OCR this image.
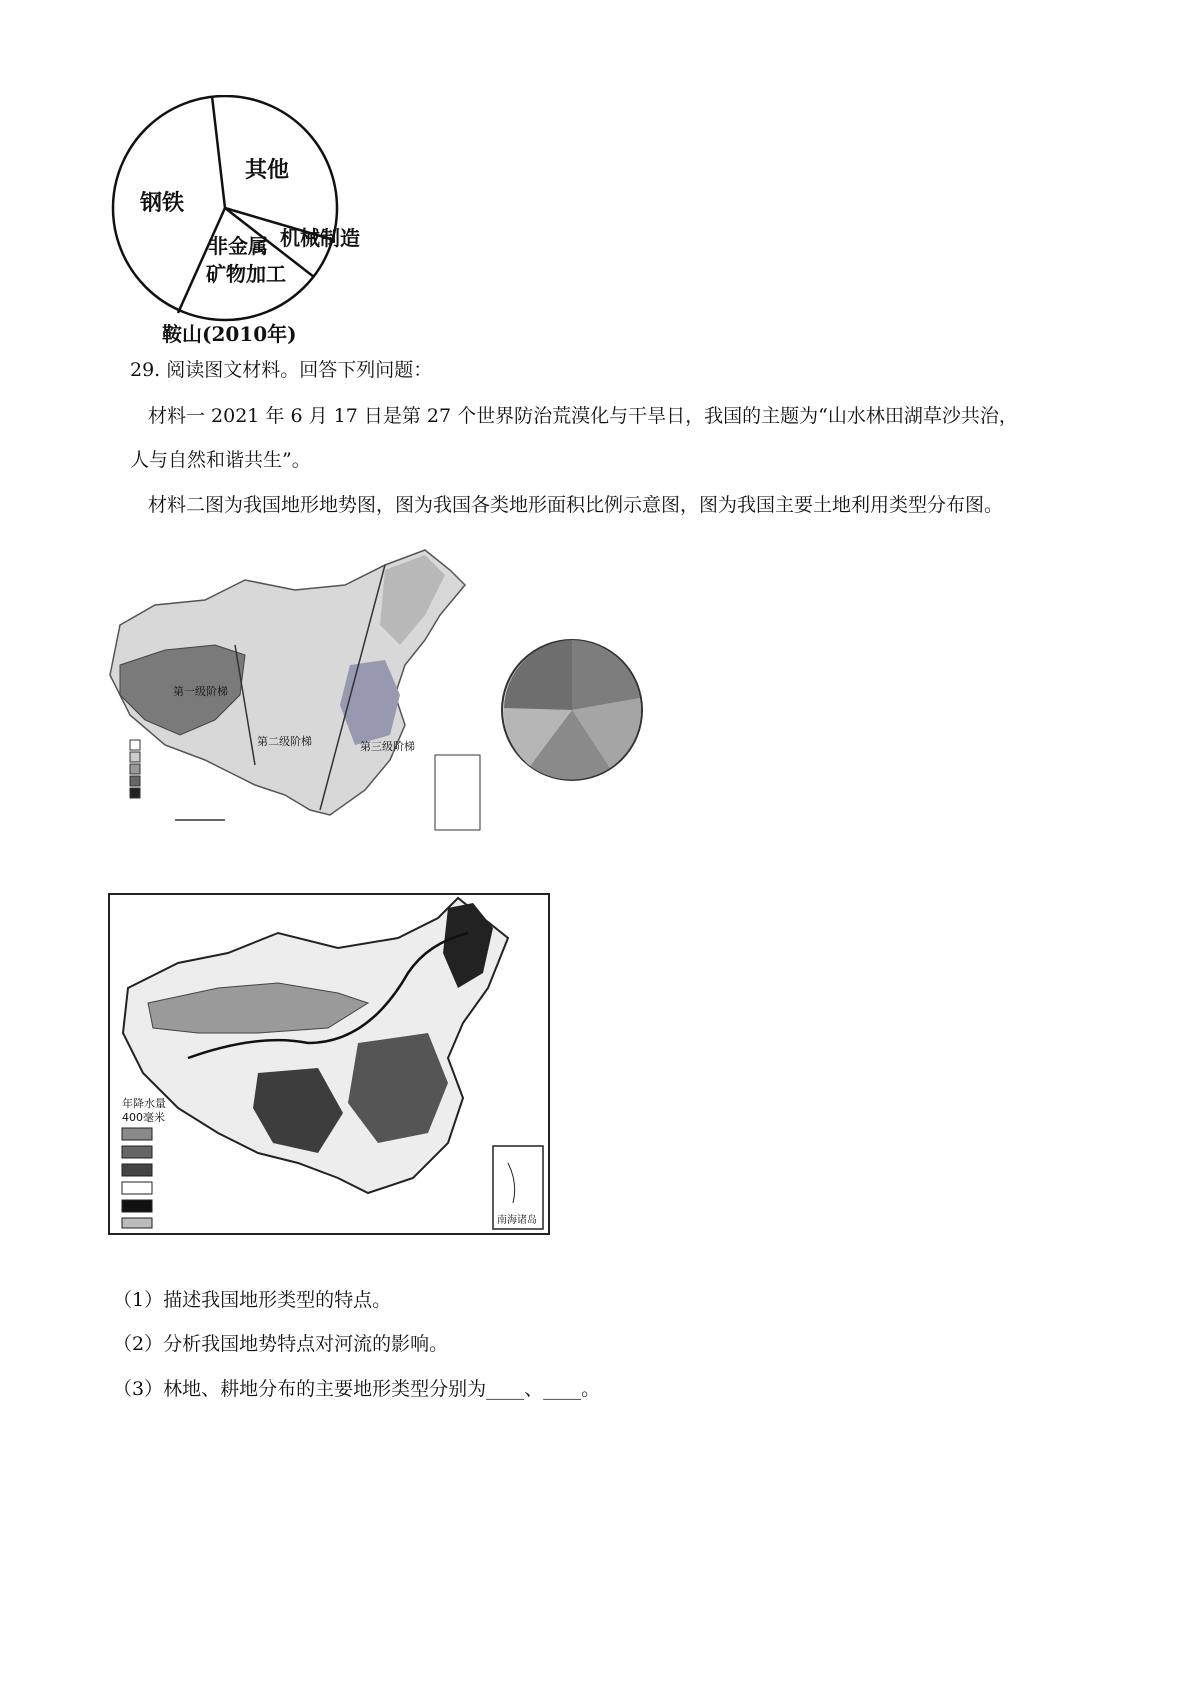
其他
钢铁
机械制造
非金属
矿物加工
鞍山(2010年)
29. 阅读图文材料。回答下列问题：
材料一 2021 年 6 月 17 日是第 27 个世界防治荒漠化与干旱日，我国的主题为“山水林田湖草沙共治，
人与自然和谐共生”。
材料二图为我国地形地势图，图为我国各类地形面积比例示意图，图为我国主要土地利用类型分布图。
第一级阶梯
第二级阶梯	第三级阶梯
年降水量
400毫米
南海诸岛
（1）描述我国地形类型的特点。
（2）分析我国地势特点对河流的影响。
（3）林地、耕地分布的主要地形类型分别为____、____。
